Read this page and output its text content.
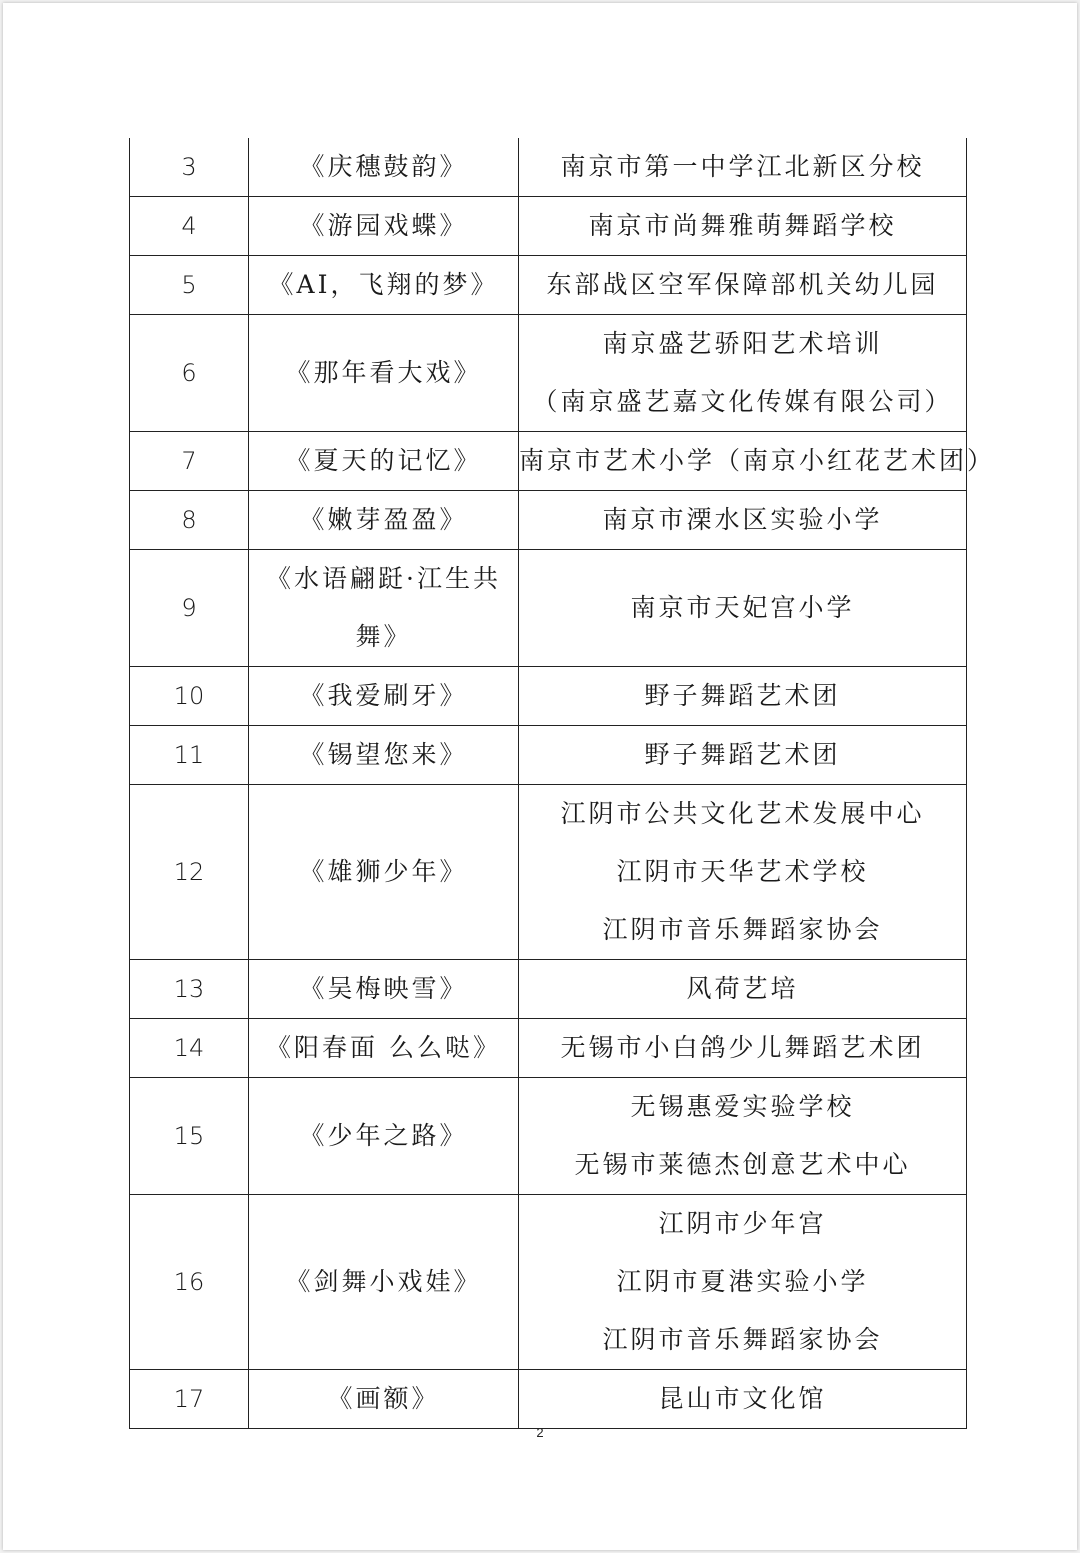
3	《庆穗鼓韵》	南京市第一中学江北新区分校

4	《游园戏蝶》	南京市尚舞雅萌舞蹈学校

5	《AI，飞翔的梦》	东部战区空军保障部机关幼儿园

6	《那年看大戏》	南京盛艺骄阳艺术培训
（南京盛艺嘉文化传媒有限公司）

7	《夏天的记忆》	南京市艺术小学（南京小红花艺术团）

8	《嫩芽盈盈》	南京市溧水区实验小学

9	《水语翩跹·江生共
舞》	南京市天妃宫小学

10	《我爱刷牙》	野子舞蹈艺术团

11	《锡望您来》	野子舞蹈艺术团

12	《雄狮少年》	江阴市公共文化艺术发展中心
江阴市天华艺术学校
江阴市音乐舞蹈家协会

13	《吴梅映雪》	风荷艺培

14	《阳春面 么么哒》	无锡市小白鸽少儿舞蹈艺术团

15	《少年之路》	无锡惠爱实验学校
无锡市莱德杰创意艺术中心

16	《剑舞小戏娃》	江阴市少年宫
江阴市夏港实验小学
江阴市音乐舞蹈家协会

17	《画额》	昆山市文化馆
2
